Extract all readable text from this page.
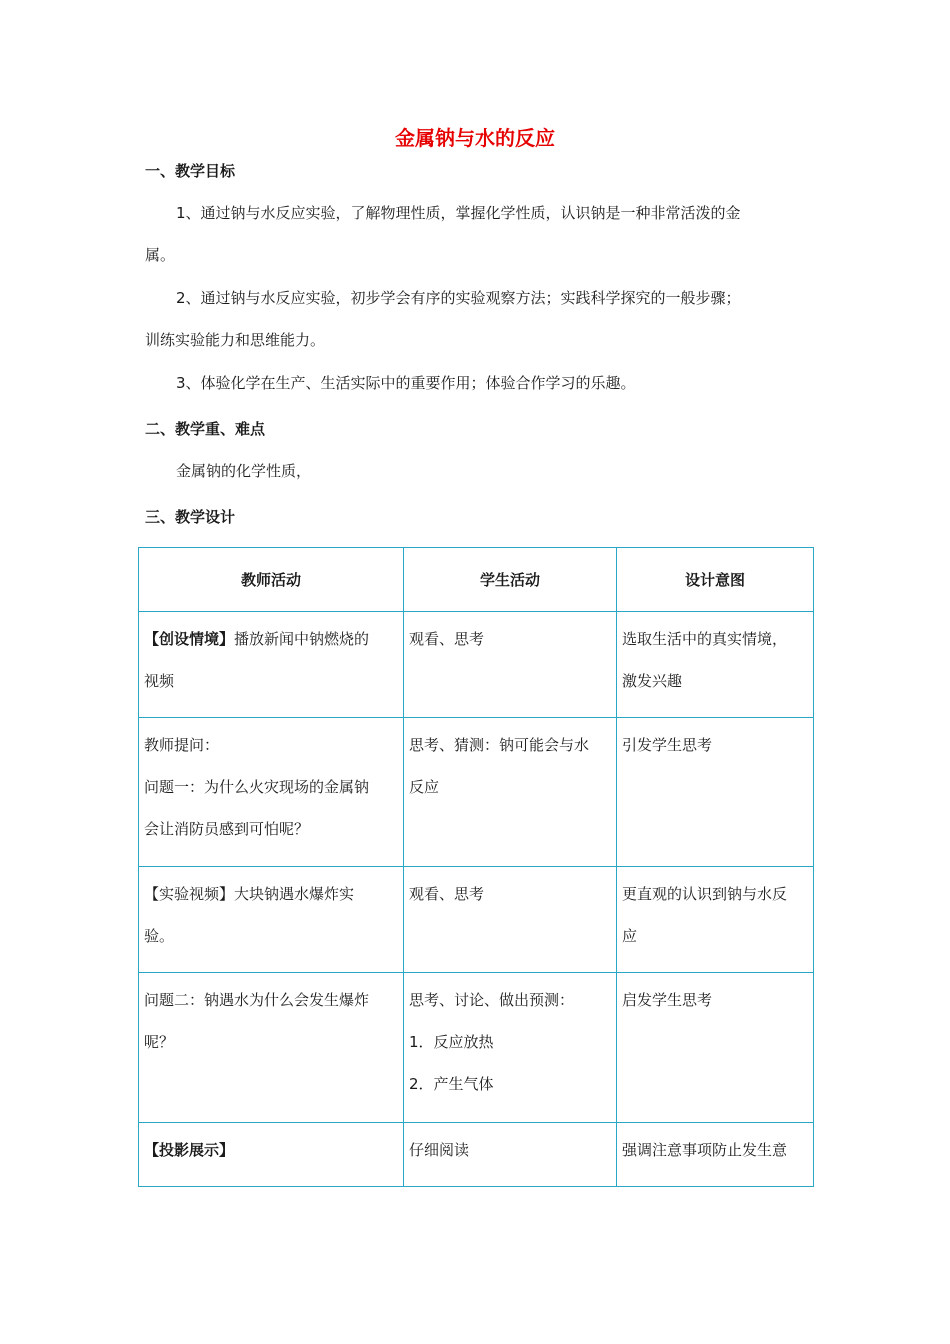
金属钠与水的反应
一、教学目标
1、通过钠与水反应实验，了解物理性质，掌握化学性质，认识钠是一种非常活泼的金
属。
2、通过钠与水反应实验，初步学会有序的实验观察方法；实践科学探究的一般步骤；
训练实验能力和思维能力。
3、体验化学在生产、生活实际中的重要作用；体验合作学习的乐趣。
二、教学重、难点
金属钠的化学性质，
三、教学设计
教师活动	学生活动	设计意图

【创设情境】播放新闻中钠燃烧的
视频	观看、思考	选取生活中的真实情境，
激发兴趣

教师提问：
问题一：为什么火灾现场的金属钠
会让消防员感到可怕呢？	思考、猜测：钠可能会与水
反应	引发学生思考

【实验视频】大块钠遇水爆炸实
验。	观看、思考	更直观的认识到钠与水反
应

问题二：钠遇水为什么会发生爆炸
呢？	思考、讨论、做出预测：
1．反应放热
2．产生气体	启发学生思考

【投影展示】	仔细阅读	强调注意事项防止发生意
